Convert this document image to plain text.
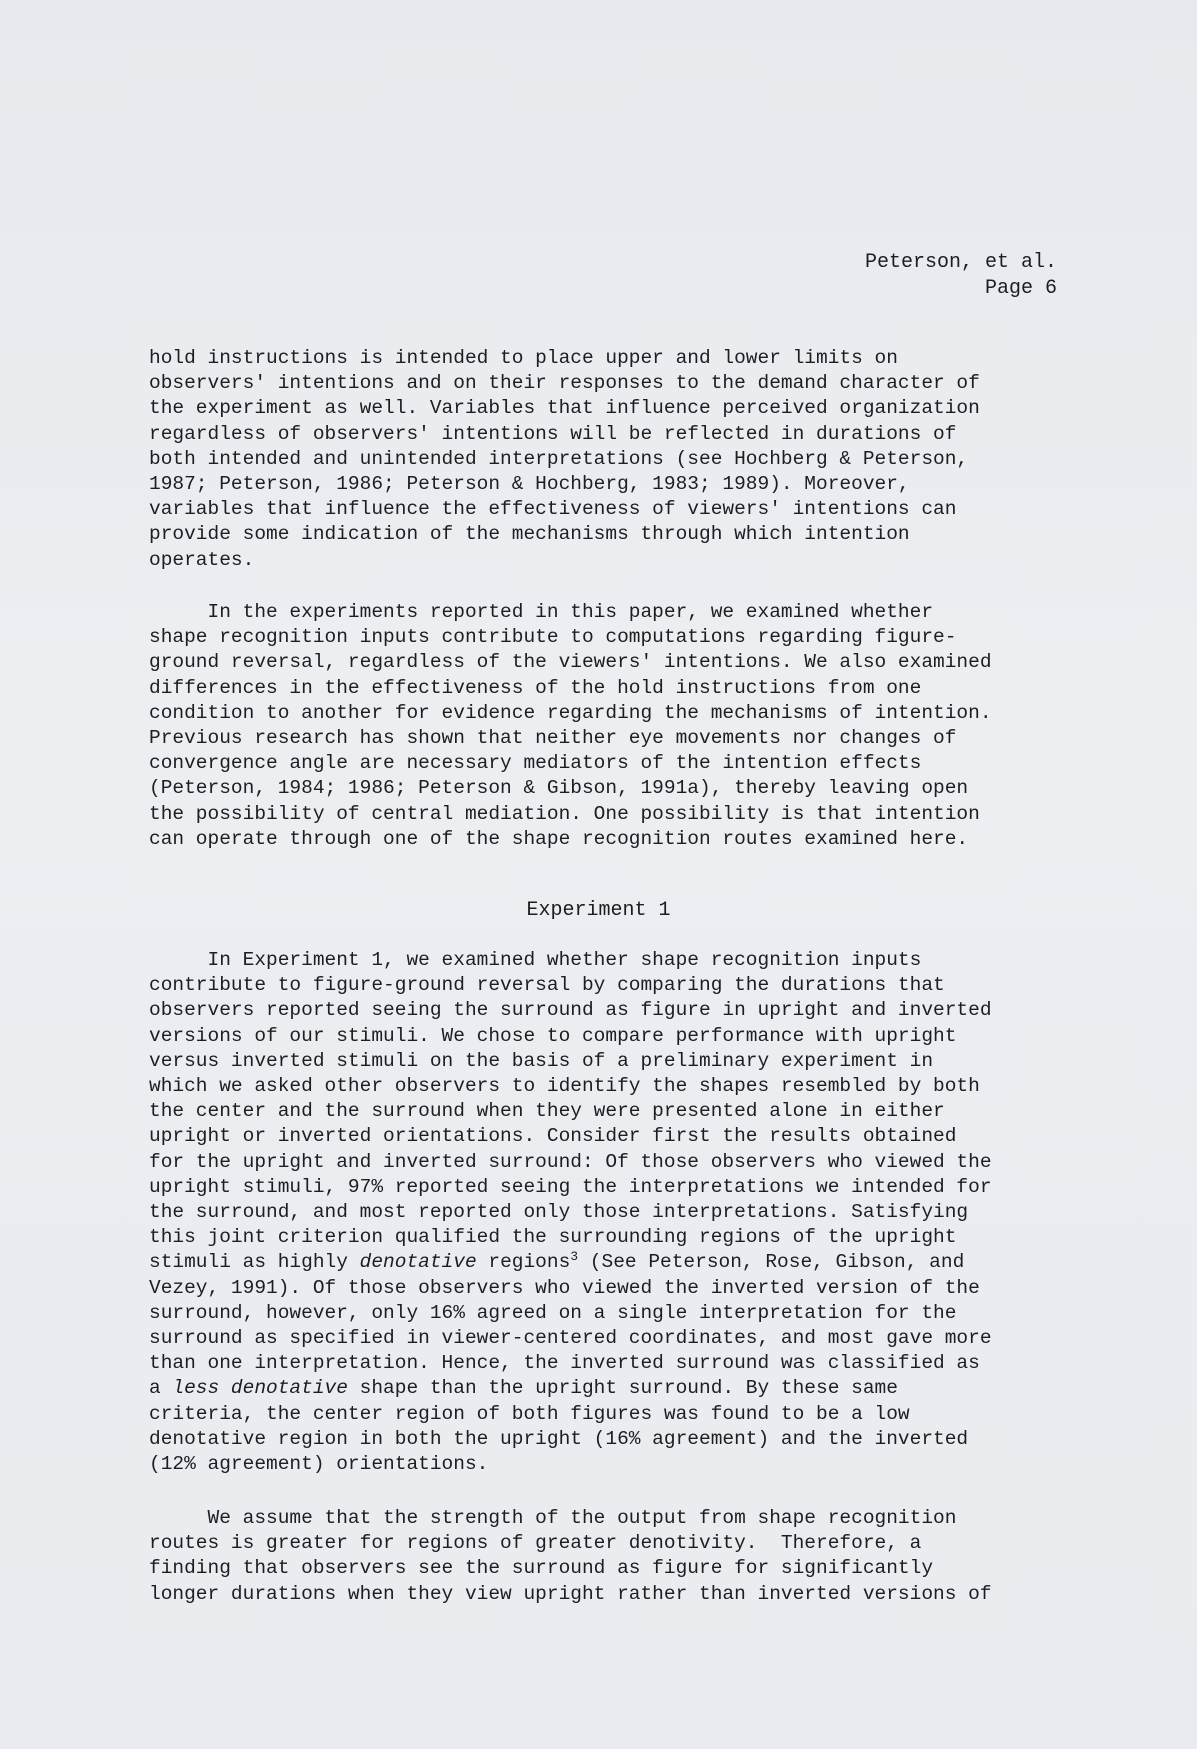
Peterson, et al.
Page 6
hold instructions is intended to place upper and lower limits on
observers' intentions and on their responses to the demand character of
the experiment as well. Variables that influence perceived organization
regardless of observers' intentions will be reflected in durations of
both intended and unintended interpretations (see Hochberg & Peterson,
1987; Peterson, 1986; Peterson & Hochberg, 1983; 1989). Moreover,
variables that influence the effectiveness of viewers' intentions can
provide some indication of the mechanisms through which intention
operates.
In the experiments reported in this paper, we examined whether
shape recognition inputs contribute to computations regarding figure-
ground reversal, regardless of the viewers' intentions. We also examined
differences in the effectiveness of the hold instructions from one
condition to another for evidence regarding the mechanisms of intention.
Previous research has shown that neither eye movements nor changes of
convergence angle are necessary mediators of the intention effects
(Peterson, 1984; 1986; Peterson & Gibson, 1991a), thereby leaving open
the possibility of central mediation. One possibility is that intention
can operate through one of the shape recognition routes examined here.
Experiment 1
In Experiment 1, we examined whether shape recognition inputs
contribute to figure-ground reversal by comparing the durations that
observers reported seeing the surround as figure in upright and inverted
versions of our stimuli. We chose to compare performance with upright
versus inverted stimuli on the basis of a preliminary experiment in
which we asked other observers to identify the shapes resembled by both
the center and the surround when they were presented alone in either
upright or inverted orientations. Consider first the results obtained
for the upright and inverted surround: Of those observers who viewed the
upright stimuli, 97% reported seeing the interpretations we intended for
the surround, and most reported only those interpretations. Satisfying
this joint criterion qualified the surrounding regions of the upright
stimuli as highly denotative regions$^3$ (See Peterson, Rose, Gibson, and
Vezey, 1991). Of those observers who viewed the inverted version of the
surround, however, only 16% agreed on a single interpretation for the
surround as specified in viewer-centered coordinates, and most gave more
than one interpretation. Hence, the inverted surround was classified as
a less denotative shape than the upright surround. By these same
criteria, the center region of both figures was found to be a low
denotative region in both the upright (16% agreement) and the inverted
(12% agreement) orientations.
We assume that the strength of the output from shape recognition
routes is greater for regions of greater denotivity.  Therefore, a
finding that observers see the surround as figure for significantly
longer durations when they view upright rather than inverted versions of
